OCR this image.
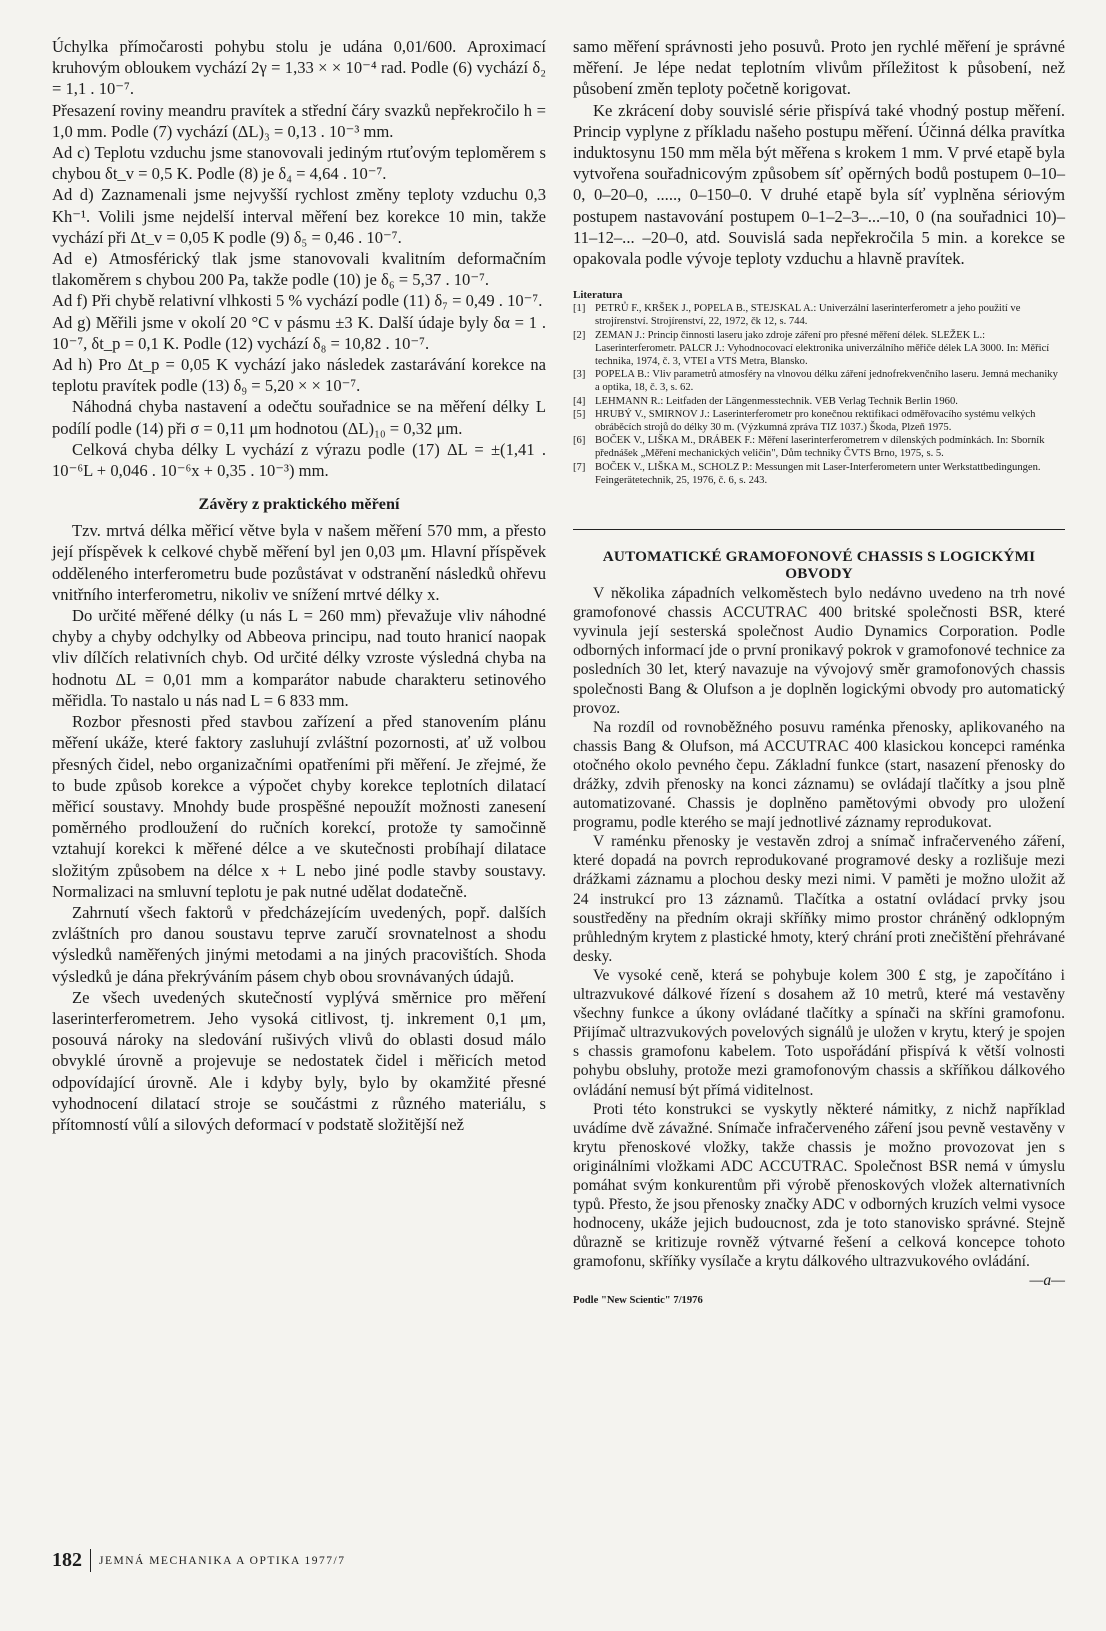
Úchylka přímočarosti pohybu stolu je udána 0,01/600. Aproximací kruhovým obloukem vychází 2γ = 1,33 × × 10⁻⁴ rad. Podle (6) vychází δ₂ = 1,1 . 10⁻⁷.

Přesazení roviny meandru pravítek a střední čáry svazků nepřekročilo h = 1,0 mm. Podle (7) vychází (ΔL)₃ = 0,13 . 10⁻³ mm.

Ad c) Teplotu vzduchu jsme stanovovali jediným rtuťovým teploměrem s chybou δt_v = 0,5 K. Podle (8) je δ₄ = 4,64 . 10⁻⁷.

Ad d) Zaznamenali jsme nejvyšší rychlost změny teploty vzduchu 0,3 Kh⁻¹. Volili jsme nejdelší interval měření bez korekce 10 min, takže vychází při Δt_v = 0,05 K podle (9) δ₅ = 0,46 . 10⁻⁷.

Ad e) Atmosférický tlak jsme stanovovali kvalitním deformačním tlakoměrem s chybou 200 Pa, takže podle (10) je δ₆ = 5,37 . 10⁻⁷.

Ad f) Při chybě relativní vlhkosti 5 % vychází podle (11) δ₇ = 0,49 . 10⁻⁷.

Ad g) Měřili jsme v okolí 20 °C v pásmu ±3 K. Další údaje byly δα = 1 . 10⁻⁷, δt_p = 0,1 K. Podle (12) vychází δ₈ = 10,82 . 10⁻⁷.

Ad h) Pro Δt_p = 0,05 K vychází jako následek zastarávání korekce na teplotu pravítek podle (13) δ₉ = 5,20 × × 10⁻⁷.

Náhodná chyba nastavení a odečtu souřadnice se na měření délky L podílí podle (14) při σ = 0,11 μm hodnotou (ΔL)₁₀ = 0,32 μm.

Celková chyba délky L vychází z výrazu podle (17) ΔL = ±(1,41 . 10⁻⁶L + 0,046 . 10⁻⁶x + 0,35 . 10⁻³) mm.

Závěry z praktického měření

Tzv. mrtvá délka měřicí větve byla v našem měření 570 mm, a přesto její příspěvek k celkové chybě měření byl jen 0,03 μm. Hlavní příspěvek odděleného interferometru bude pozůstávat v odstranění následků ohřevu vnitřního interferometru, nikoliv ve snížení mrtvé délky x.

Do určité měřené délky (u nás L = 260 mm) převažuje vliv náhodné chyby a chyby odchylky od Abbeova principu, nad touto hranicí naopak vliv dílčích relativních chyb. Od určité délky vzroste výsledná chyba na hodnotu ΔL = 0,01 mm a komparátor nabude charakteru setinového měřidla. To nastalo u nás nad L = 6 833 mm.

Rozbor přesnosti před stavbou zařízení a před stanovením plánu měření ukáže, které faktory zasluhují zvláštní pozornosti, ať už volbou přesných čidel, nebo organizačními opatřeními při měření. Je zřejmé, že to bude způsob korekce a výpočet chyby korekce teplotních dilatací měřicí soustavy. Mnohdy bude prospěšné nepoužít možnosti zanesení poměrného prodloužení do ručních korekcí, protože ty samočinně vztahují korekci k měřené délce a ve skutečnosti probíhají dilatace složitým způsobem na délce x + L nebo jiné podle stavby soustavy. Normalizaci na smluvní teplotu je pak nutné udělat dodatečně.

Zahrnutí všech faktorů v předcházejícím uvedených, popř. dalších zvláštních pro danou soustavu teprve zaručí srovnatelnost a shodu výsledků naměřených jinými metodami a na jiných pracovištích. Shoda výsledků je dána překrýváním pásem chyb obou srovnávaných údajů.

Ze všech uvedených skutečností vyplývá směrnice pro měření laserinterferometrem. Jeho vysoká citlivost, tj. inkrement 0,1 μm, posouvá nároky na sledování rušivých vlivů do oblasti dosud málo obvyklé úrovně a projevuje se nedostatek čidel i měřicích metod odpovídající úrovně. Ale i kdyby byly, bylo by okamžité přesné vyhodnocení dilatací stroje se součástmi z různého materiálu, s přítomností vůlí a silových deformací v podstatě složitější než

samo měření správnosti jeho posuvů. Proto jen rychlé měření je správné měření. Je lépe nedat teplotním vlivům příležitost k působení, než působení změn teploty početně korigovat.

Ke zkrácení doby souvislé série přispívá také vhodný postup měření. Princip vyplyne z příkladu našeho postupu měření. Účinná délka pravítka induktosynu 150 mm měla být měřena s krokem 1 mm. V prvé etapě byla vytvořena souřadnicovým způsobem síť opěrných bodů postupem 0–10–0, 0–20–0, ....., 0–150–0. V druhé etapě byla síť vyplněna sériovým postupem nastavování postupem 0–1–2–3–...–10, 0 (na souřadnici 10)–11–12–... –20–0, atd. Souvislá sada nepřekročila 5 min. a korekce se opakovala podle vývoje teploty vzduchu a hlavně pravítek.

Literatura
[1] PETRŮ F., KRŠEK J., POPELA B., STEJSKAL A.: Univerzální laserinterferometr a jeho použití ve strojírenství. Strojírenství, 22, 1972, čk 12, s. 744.
[2] ZEMAN J.: Princip činnosti laseru jako zdroje záření pro přesné měření délek. SLEŽEK L.: Laserinterferometr. PALCR J.: Vyhodnocovací elektronika univerzálního měřiče délek LA 3000. In: Měřicí technika, 1974, č. 3, VTEI a VTS Metra, Blansko.
[3] POPELA B.: Vliv parametrů atmosféry na vlnovou délku záření jednofrekvenčního laseru. Jemná mechaniky a optika, 18, č. 3, s. 62.
[4] LEHMANN R.: Leitfaden der Längenmesstechnik. VEB Verlag Technik Berlin 1960.
[5] HRUBÝ V., SMIRNOV J.: Laserinterferometr pro konečnou rektifikaci odměřovacího systému velkých obráběcích strojů do délky 30 m. (Výzkumná zpráva TIZ 1037.) Škoda, Plzeň 1975.
[6] BOČEK V., LIŠKA M., DRÁBEK F.: Měření laserinterferometrem v dílenských podmínkách. In: Sborník přednášek „Měření mechanických veličin", Dům techniky ČVTS Brno, 1975, s. 5.
[7] BOČEK V., LIŠKA M., SCHOLZ P.: Messungen mit Laser-Interferometern unter Werkstattbedingungen. Feingerätetechnik, 25, 1976, č. 6, s. 243.
AUTOMATICKÉ GRAMOFONOVÉ CHASSIS S LOGICKÝMI OBVODY

V několika západních velkoměstech bylo nedávno uvedeno na trh nové gramofonové chassis ACCUTRAC 400 britské společnosti BSR, které vyvinula její sesterská společnost Audio Dynamics Corporation. Podle odborných informací jde o první pronikavý pokrok v gramofonové technice za posledních 30 let, který navazuje na vývojový směr gramofonových chassis společnosti Bang & Olufson a je doplněn logickými obvody pro automatický provoz.

Na rozdíl od rovnoběžného posuvu raménka přenosky, aplikovaného na chassis Bang & Olufson, má ACCUTRAC 400 klasickou koncepci raménka otočného okolo pevného čepu. Základní funkce (start, nasazení přenosky do drážky, zdvih přenosky na konci záznamu) se ovládají tlačítky a jsou plně automatizované. Chassis je doplněno pamětovými obvody pro uložení programu, podle kterého se mají jednotlivé záznamy reprodukovat.

V raménku přenosky je vestavěn zdroj a snímač infračerveného záření, které dopadá na povrch reprodukované programové desky a rozlišuje mezi drážkami záznamu a plochou desky mezi nimi. V paměti je možno uložit až 24 instrukcí pro 13 záznamů. Tlačítka a ostatní ovládací prvky jsou soustředěny na předním okraji skříňky mimo prostor chráněný odklopným průhledným krytem z plastické hmoty, který chrání proti znečištění přehrávané desky.

Ve vysoké ceně, která se pohybuje kolem 300 £ stg, je započítáno i ultrazvukové dálkové řízení s dosahem až 10 metrů, které má vestavěny všechny funkce a úkony ovládané tlačítky a spínači na skříni gramofonu. Přijímač ultrazvukových povelových signálů je uložen v krytu, který je spojen s chassis gramofonu kabelem. Toto uspořádání přispívá k větší volnosti pohybu obsluhy, protože mezi gramofonovým chassis a skříňkou dálkového ovládání nemusí být přímá viditelnost.

Proti této konstrukci se vyskytly některé námitky, z nichž například uvádíme dvě závažné. Snímače infračerveného záření jsou pevně vestavěny v krytu přenoskové vložky, takže chassis je možno provozovat jen s originálními vložkami ADC ACCUTRAC. Společnost BSR nemá v úmyslu pomáhat svým konkurentům při výrobě přenoskových vložek alternativních typů. Přesto, že jsou přenosky značky ADC v odborných kruzích velmi vysoce hodnoceny, ukáže jejich budoucnost, zda je toto stanovisko správné. Stejně důrazně se kritizuje rovněž výtvarné řešení a celková koncepce tohoto gramofonu, skříňky vysílače a krytu dálkového ultrazvukového ovládání.

—a—

Podle "New Scientic" 7/1976
182	JEMNÁ MECHANIKA A OPTIKA 1977/7
